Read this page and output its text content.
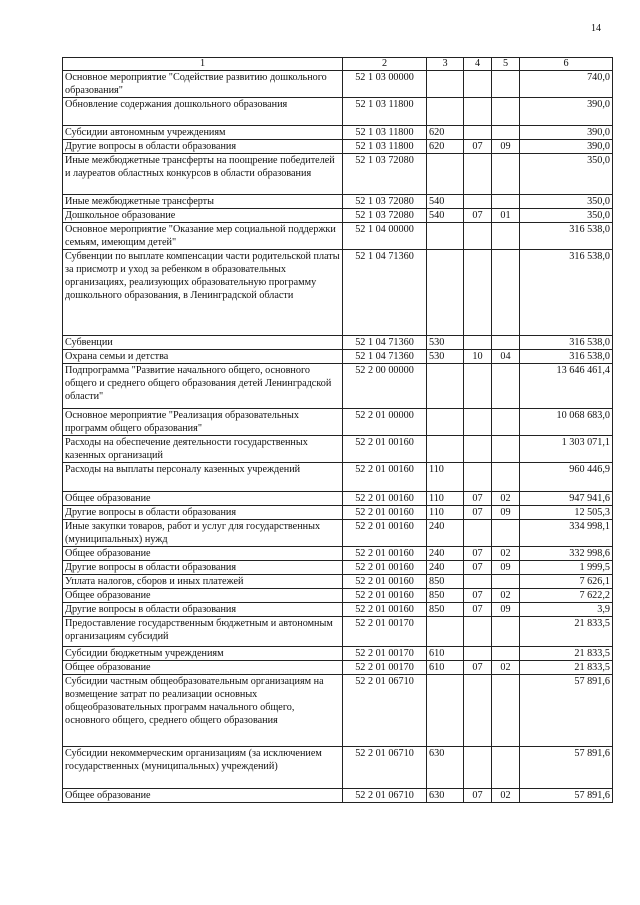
14
1	2	3	4	5	6
Основное мероприятие "Содействие развитию дошкольного образования"	52 1 03 00000				740,0
Обновление содержания дошкольного образования	52 1 03 11800				390,0
Субсидии автономным учреждениям	52 1 03 11800	620			390,0
Другие вопросы в области образования	52 1 03 11800	620	07	09	390,0
Иные межбюджетные трансферты на поощрение победителей и лауреатов областных конкурсов в области образования	52 1 03 72080				350,0
Иные межбюджетные трансферты	52 1 03 72080	540			350,0
Дошкольное образование	52 1 03 72080	540	07	01	350,0
Основное мероприятие "Оказание мер социальной поддержки семьям, имеющим детей"	52 1 04 00000				316 538,0
Субвенции по выплате компенсации части родительской платы за присмотр и уход за ребенком в образовательных организациях, реализующих образовательную программу дошкольного образования, в Ленинградской области	52 1 04 71360				316 538,0
Субвенции	52 1 04 71360	530			316 538,0
Охрана семьи и детства	52 1 04 71360	530	10	04	316 538,0
Подпрограмма "Развитие начального общего, основного общего и среднего общего образования детей Ленинградской области"	52 2 00 00000				13 646 461,4
Основное мероприятие "Реализация образовательных программ общего образования"	52 2 01 00000				10 068 683,0
Расходы на обеспечение деятельности государственных казенных организаций	52 2 01 00160				1 303 071,1
Расходы на выплаты персоналу казенных учреждений	52 2 01 00160	110			960 446,9
Общее образование	52 2 01 00160	110	07	02	947 941,6
Другие вопросы в области образования	52 2 01 00160	110	07	09	12 505,3
Иные закупки товаров, работ и услуг для государственных (муниципальных) нужд	52 2 01 00160	240			334 998,1
Общее образование	52 2 01 00160	240	07	02	332 998,6
Другие вопросы в области образования	52 2 01 00160	240	07	09	1 999,5
Уплата налогов, сборов и иных платежей	52 2 01 00160	850			7 626,1
Общее образование	52 2 01 00160	850	07	02	7 622,2
Другие вопросы в области образования	52 2 01 00160	850	07	09	3,9
Предоставление государственным бюджетным и автономным организациям субсидий	52 2 01 00170				21 833,5
Субсидии бюджетным учреждениям	52 2 01 00170	610			21 833,5
Общее образование	52 2 01 00170	610	07	02	21 833,5
Субсидии частным общеобразовательным организациям на возмещение затрат по реализации основных общеобразовательных программ начального общего, основного общего, среднего общего образования	52 2 01 06710				57 891,6
Субсидии некоммерческим организациям (за исключением государственных (муниципальных) учреждений)	52 2 01 06710	630			57 891,6
Общее образование	52 2 01 06710	630	07	02	57 891,6
